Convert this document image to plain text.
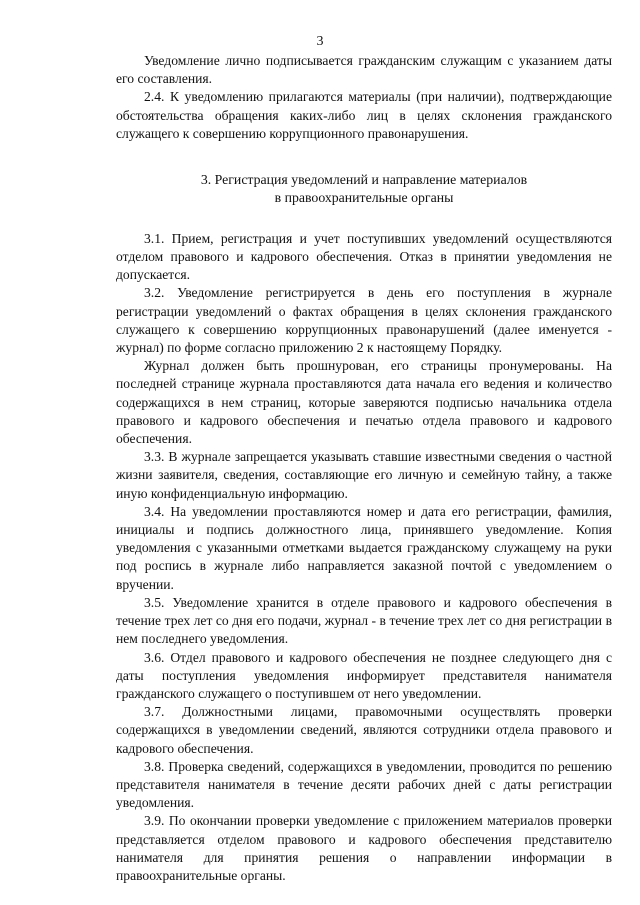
3

Уведомление лично подписывается гражданским служащим с указанием даты его составления.

2.4. К уведомлению прилагаются материалы (при наличии), подтверждающие обстоятельства обращения каких-либо лиц в целях склонения гражданского служащего к совершению коррупционного правонарушения.

3. Регистрация уведомлений и направление материалов
в правоохранительные органы

3.1. Прием, регистрация и учет поступивших уведомлений осуществляются отделом правового и кадрового обеспечения. Отказ в принятии уведомления не допускается.

3.2. Уведомление регистрируется в день его поступления в журнале регистрации уведомлений о фактах обращения в целях склонения гражданского служащего к совершению коррупционных правонарушений (далее именуется - журнал) по форме согласно приложению 2 к настоящему Порядку.

Журнал должен быть прошнурован, его страницы пронумерованы. На последней странице журнала проставляются дата начала его ведения и количество содержащихся в нем страниц, которые заверяются подписью начальника отдела правового и кадрового обеспечения и печатью отдела правового и кадрового обеспечения.

3.3. В журнале запрещается указывать ставшие известными сведения о частной жизни заявителя, сведения, составляющие его личную и семейную тайну, а также иную конфиденциальную информацию.

3.4. На уведомлении проставляются номер и дата его регистрации, фамилия, инициалы и подпись должностного лица, принявшего уведомление. Копия уведомления с указанными отметками выдается гражданскому служащему на руки под роспись в журнале либо направляется заказной почтой с уведомлением о вручении.

3.5. Уведомление хранится в отделе правового и кадрового обеспечения в течение трех лет со дня его подачи, журнал - в течение трех лет со дня регистрации в нем последнего уведомления.

3.6. Отдел правового и кадрового обеспечения не позднее следующего дня с даты поступления уведомления информирует представителя нанимателя гражданского служащего о поступившем от него уведомлении.

3.7. Должностными лицами, правомочными осуществлять проверки содержащихся в уведомлении сведений, являются сотрудники отдела правового и кадрового обеспечения.

3.8. Проверка сведений, содержащихся в уведомлении, проводится по решению представителя нанимателя в течение десяти рабочих дней с даты регистрации уведомления.

3.9. По окончании проверки уведомление с приложением материалов проверки представляется отделом правового и кадрового обеспечения представителю нанимателя для принятия решения о направлении информации в правоохранительные органы.
